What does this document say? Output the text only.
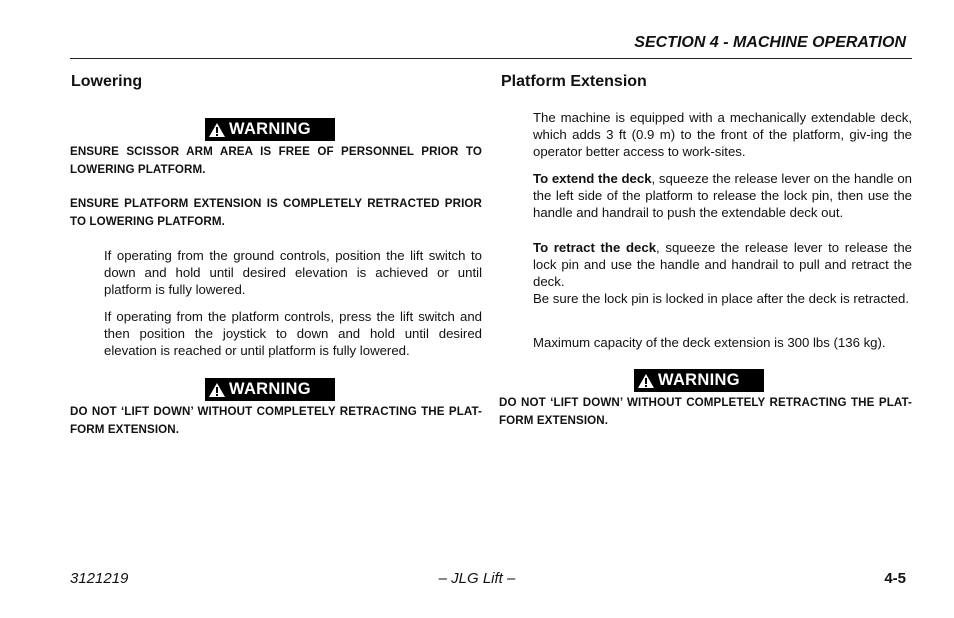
SECTION 4 - MACHINE OPERATION
Lowering
WARNING
ENSURE SCISSOR ARM AREA IS FREE OF PERSONNEL PRIOR TO LOWERING PLATFORM.
ENSURE PLATFORM EXTENSION IS COMPLETELY RETRACTED PRIOR TO LOWERING PLATFORM.
If operating from the ground controls, position the lift switch to down and hold until desired elevation is achieved or until platform is fully lowered.
If operating from the platform controls, press the lift switch and then position the joystick to down and hold until desired elevation is reached or until platform is fully lowered.
WARNING
DO NOT ‘LIFT DOWN’ WITHOUT COMPLETELY RETRACTING THE PLAT-FORM EXTENSION.
Platform Extension
The machine is equipped with a mechanically extendable deck, which adds 3 ft (0.9 m) to the front of the platform, giv-ing the operator better access to work-sites.
To extend the deck, squeeze the release lever on the handle on the left side of the platform to release the lock pin, then use the handle and handrail to push the extendable deck out.
To retract the deck, squeeze the release lever to release the lock pin and use the handle and handrail to pull and retract the deck.
Be sure the lock pin is locked in place after the deck is retracted.
Maximum capacity of the deck extension is 300 lbs (136 kg).
WARNING
DO NOT ‘LIFT DOWN’ WITHOUT COMPLETELY RETRACTING THE PLAT-FORM EXTENSION.
3121219	– JLG Lift –	4-5
